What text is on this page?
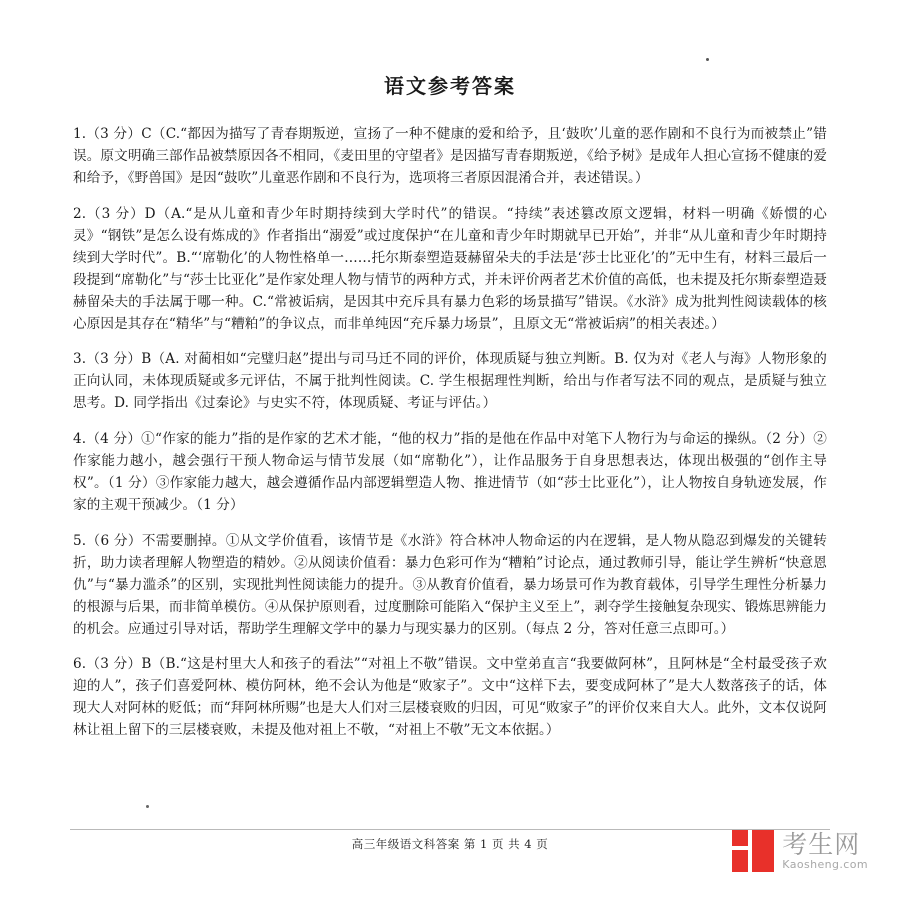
语文参考答案

1.（3 分）C（C.“都因为描写了青春期叛逆，宣扬了一种不健康的爱和给予，且‘鼓吹’儿童的恶作剧和不良行为而被禁止”错误。原文明确三部作品被禁原因各不相同，《麦田里的守望者》是因描写青春期叛逆，《给予树》是成年人担心宣扬不健康的爱和给予，《野兽国》是因“鼓吹”儿童恶作剧和不良行为，选项将三者原因混淆合并，表述错误。）

2.（3 分）D（A.“是从儿童和青少年时期持续到大学时代”的错误。“持续”表述篡改原文逻辑，材料一明确《娇惯的心灵》“钢铁”是怎么设有炼成的》作者指出“溺爱”或过度保护“在儿童和青少年时期就早已开始”，并非“从儿童和青少年时期持续到大学时代”。B.“‘席勒化’的人物性格单一……托尔斯泰塑造聂赫留朵夫的手法是‘莎士比亚化’的”无中生有，材料三最后一段提到“席勒化”与“莎士比亚化”是作家处理人物与情节的两种方式，并未评价两者艺术价值的高低，也未提及托尔斯泰塑造聂赫留朵夫的手法属于哪一种。C.“常被诟病，是因其中充斥具有暴力色彩的场景描写”错误。《水浒》成为批判性阅读载体的核心原因是其存在“精华”与“糟粕”的争议点，而非单纯因“充斥暴力场景”，且原文无“常被诟病”的相关表述。）

3.（3 分）B（A. 对蔺相如“完璧归赵”提出与司马迁不同的评价，体现质疑与独立判断。B. 仅为对《老人与海》人物形象的正向认同，未体现质疑或多元评估，不属于批判性阅读。C. 学生根据理性判断，给出与作者写法不同的观点，是质疑与独立思考。D. 同学指出《过秦论》与史实不符，体现质疑、考证与评估。）

4.（4 分）①“作家的能力”指的是作家的艺术才能，“他的权力”指的是他在作品中对笔下人物行为与命运的操纵。（2 分）②作家能力越小，越会强行干预人物命运与情节发展（如“席勒化”），让作品服务于自身思想表达，体现出极强的“创作主导权”。（1 分）③作家能力越大，越会遵循作品内部逻辑塑造人物、推进情节（如“莎士比亚化”），让人物按自身轨迹发展，作家的主观干预减少。（1 分）

5.（6 分）不需要删掉。①从文学价值看，该情节是《水浒》符合林冲人物命运的内在逻辑，是人物从隐忍到爆发的关键转折，助力读者理解人物塑造的精妙。②从阅读价值看：暴力色彩可作为“糟粕”讨论点，通过教师引导，能让学生辨析“快意恩仇”与“暴力滥杀”的区别，实现批判性阅读能力的提升。③从教育价值看，暴力场景可作为教育载体，引导学生理性分析暴力的根源与后果，而非简单模仿。④从保护原则看，过度删除可能陷入“保护主义至上”，剥夺学生接触复杂现实、锻炼思辨能力的机会。应通过引导对话，帮助学生理解文学中的暴力与现实暴力的区别。（每点 2 分，答对任意三点即可。）

6.（3 分）B（B.“这是村里大人和孩子的看法”“对祖上不敬”错误。文中堂弟直言“我要做阿林”，且阿林是“全村最受孩子欢迎的人”，孩子们喜爱阿林、模仿阿林，绝不会认为他是“败家子”。文中“这样下去，要变成阿林了”是大人数落孩子的话，体现大人对阿林的贬低；而“拜阿林所赐”也是大人们对三层楼衰败的归因，可见“败家子”的评价仅来自大人。此外，文本仅说阿林让祖上留下的三层楼衰败，未提及他对祖上不敬，“对祖上不敬”无文本依据。）

高三年级语文科答案 第 1 页 共 4 页	考生网
Kaosheng.com
